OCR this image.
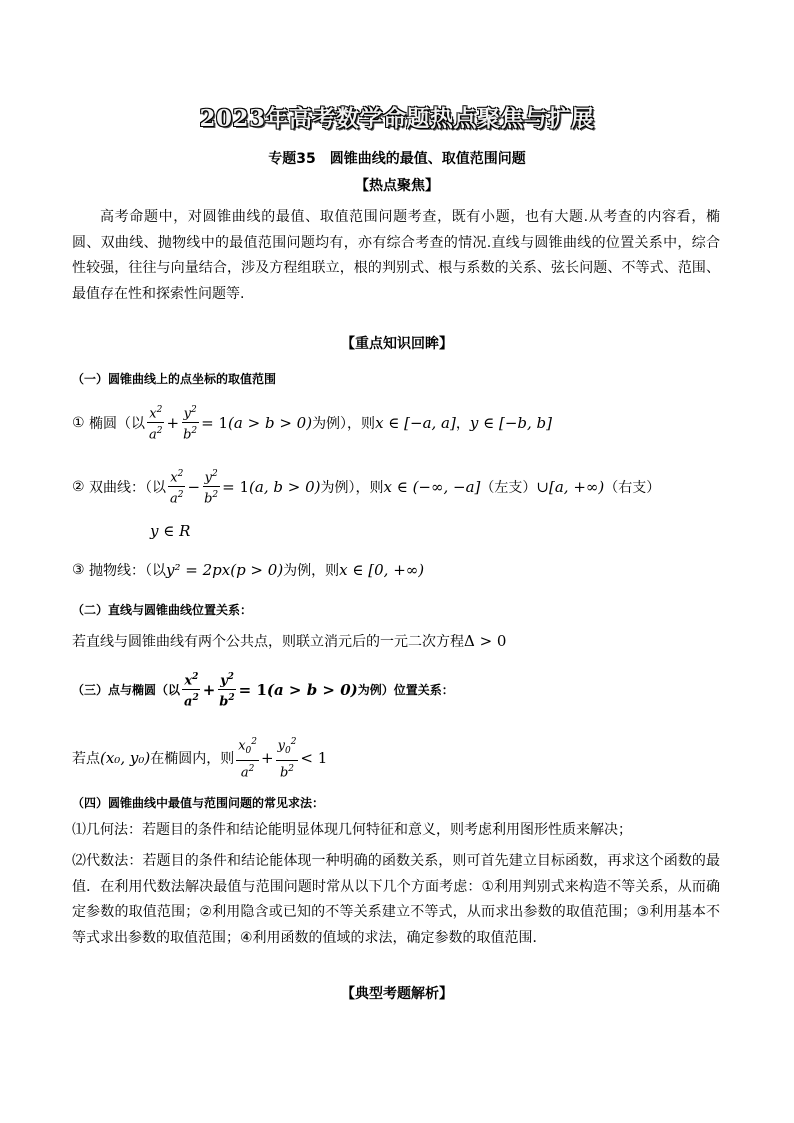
2023年高考数学命题热点聚焦与扩展
专题35　圆锥曲线的最值、取值范围问题
【热点聚焦】
高考命题中，对圆锥曲线的最值、取值范围问题考查，既有小题，也有大题.从考查的内容看，椭圆、双曲线、抛物线中的最值范围问题均有，亦有综合考查的情况.直线与圆锥曲线的位置关系中，综合性较强，往往与向量结合，涉及方程组联立，根的判别式、根与系数的关系、弦长问题、不等式、范围、最值存在性和探索性问题等.
【重点知识回眸】
（一）圆锥曲线上的点坐标的取值范围
①
椭圆（以 $\frac{x^2}{a^2} + \frac{y^2}{b^2} = 1$ (a > b > 0) 为例），则 x ∈ [−a, a] ， y ∈ [−b, b]
②
双曲线：（以 $\frac{x^2}{a^2} - \frac{y^2}{b^2} = 1$ (a, b > 0) 为例），则 x ∈ (−∞, −a] （左支） ∪ [a, +∞) （右支）
y ∈ R
③
抛物线：（以 y² = 2px(p > 0) 为例，则 x ∈ [0, +∞)
（二）直线与圆锥曲线位置关系：
若直线与圆锥曲线有两个公共点，则联立消元后的一元二次方程 Δ > 0
（三）点与椭圆（以 $\frac{x^2}{a^2} + \frac{y^2}{b^2} = 1$ (a > b > 0) 为例）位置关系：
若点 (x₀, y₀) 在椭圆内，则 $\frac{x_0^2}{a^2} + \frac{y_0^2}{b^2} < 1$
（四）圆锥曲线中最值与范围问题的常见求法：
⑴几何法：若题目的条件和结论能明显体现几何特征和意义，则考虑利用图形性质来解决；
⑵代数法：若题目的条件和结论能体现一种明确的函数关系，则可首先建立目标函数，再求这个函数的最值．在利用代数法解决最值与范围问题时常从以下几个方面考虑：①利用判别式来构造不等关系，从而确定参数的取值范围；②利用隐含或已知的不等关系建立不等式，从而求出参数的取值范围；③利用基本不等式求出参数的取值范围；④利用函数的值域的求法，确定参数的取值范围．
【典型考题解析】
